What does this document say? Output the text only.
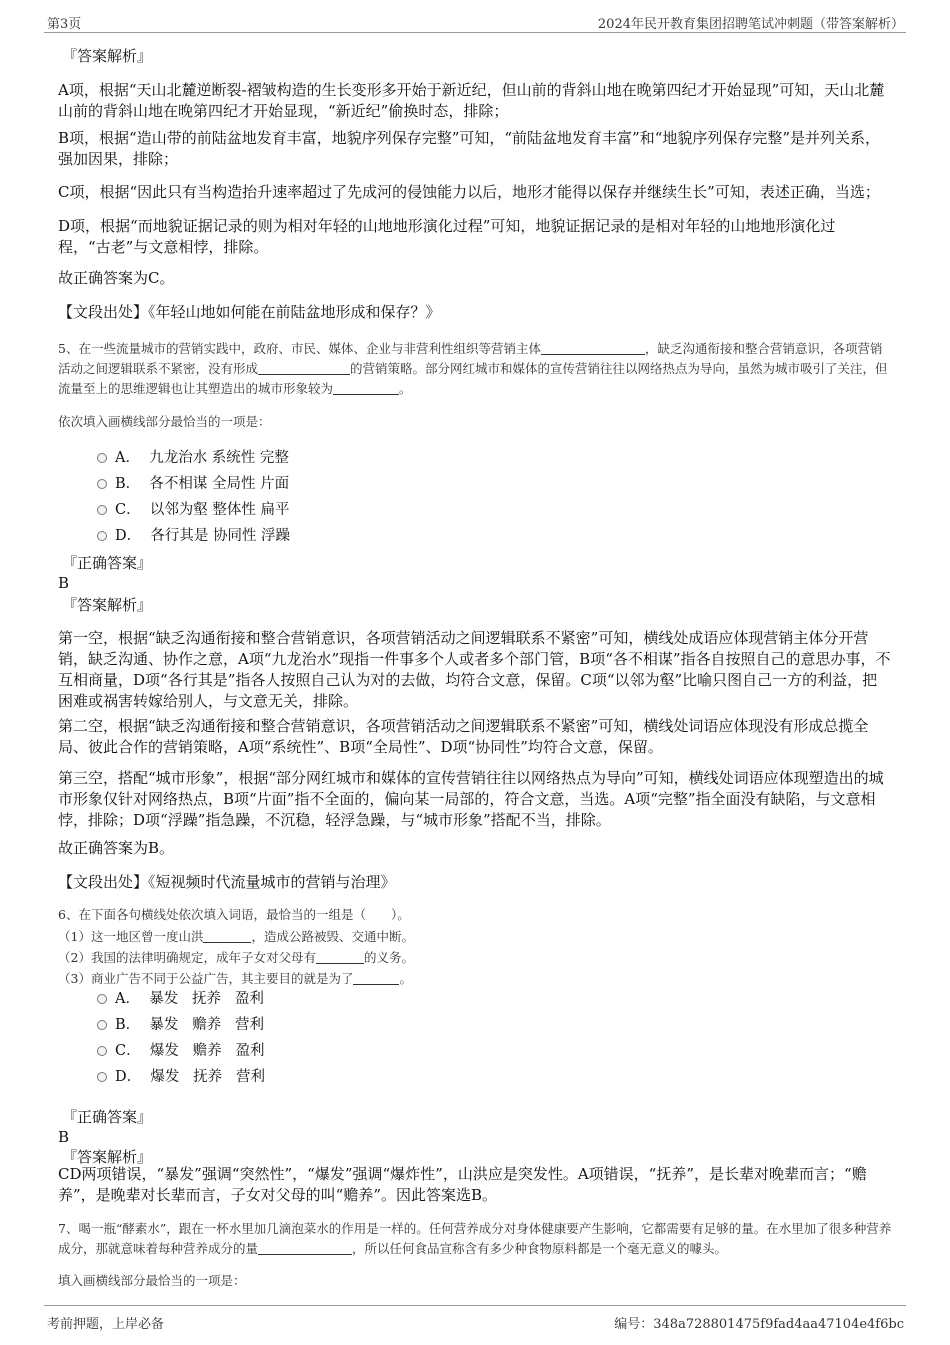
第3页	2024年民开教育集团招聘笔试冲刺题（带答案解析）

『答案解析』

A项，根据“天山北麓逆断裂-褶皱构造的生长变形多开始于新近纪，但山前的背斜山地在晚第四纪才开始显现”可知，天山北麓山前的背斜山地在晚第四纪才开始显现，“新近纪”偷换时态，排除；

B项，根据“造山带的前陆盆地发育丰富，地貌序列保存完整”可知，“前陆盆地发育丰富”和“地貌序列保存完整”是并列关系，强加因果，排除；

C项，根据“因此只有当构造抬升速率超过了先成河的侵蚀能力以后，地形才能得以保存并继续生长”可知，表述正确，当选；

D项，根据“而地貌证据记录的则为相对年轻的山地地形演化过程”可知，地貌证据记录的是相对年轻的山地地形演化过程，“古老”与文意相悖，排除。

故正确答案为C。

【文段出处】《年轻山地如何能在前陆盆地形成和保存？》

5、在一些流量城市的营销实践中，政府、市民、媒体、企业与非营利性组织等营销主体	，缺乏沟通衔接和整合营销意识，各项营销活动之间逻辑联系不紧密，没有形成	的营销策略。部分网红城市和媒体的宣传营销往往以网络热点为导向，虽然为城市吸引了关注，但流量至上的思维逻辑也让其塑造出的城市形象较为	。

依次填入画横线部分最恰当的一项是：

A．  九龙治水 系统性 完整
B．  各不相谋 全局性 片面
C．  以邻为壑 整体性 扁平
D．  各行其是 协同性 浮躁

『正确答案』

B

『答案解析』

第一空，根据“缺乏沟通衔接和整合营销意识，各项营销活动之间逻辑联系不紧密”可知，横线处成语应体现营销主体分开营销，缺乏沟通、协作之意，A项“九龙治水”现指一件事多个人或者多个部门管，B项“各不相谋”指各自按照自己的意思办事，不互相商量，D项“各行其是”指各人按照自己认为对的去做，均符合文意，保留。C项“以邻为壑”比喻只图自己一方的利益，把困难或祸害转嫁给别人，与文意无关，排除。

第二空，根据“缺乏沟通衔接和整合营销意识，各项营销活动之间逻辑联系不紧密”可知，横线处词语应体现没有形成总揽全局、彼此合作的营销策略，A项“系统性”、B项“全局性”、D项“协同性”均符合文意，保留。

第三空，搭配“城市形象”，根据“部分网红城市和媒体的宣传营销往往以网络热点为导向”可知，横线处词语应体现塑造出的城市形象仅针对网络热点，B项“片面”指不全面的，偏向某一局部的，符合文意，当选。A项“完整”指全面没有缺陷，与文意相悖，排除；D项“浮躁”指急躁，不沉稳，轻浮急躁，与“城市形象”搭配不当，排除。

故正确答案为B。

【文段出处】《短视频时代流量城市的营销与治理》

6、在下面各句横线处依次填入词语，最恰当的一组是（　　）。

（1）这一地区曾一度山洪	，造成公路被毁、交通中断。

（2）我国的法律明确规定，成年子女对父母有	的义务。

（3）商业广告不同于公益广告，其主要目的就是为了	。

A．  暴发   抚养   盈利
B．  暴发   赡养   营利
C．  爆发   赡养   盈利
D．  爆发   抚养   营利

『正确答案』

B

『答案解析』

CD两项错误，“暴发”强调“突然性”，“爆发”强调“爆炸性”，山洪应是突发性。A项错误，“抚养”，是长辈对晚辈而言；“赡养”，是晚辈对长辈而言，子女对父母的叫“赡养”。因此答案选B。

7、喝一瓶“酵素水”，跟在一杯水里加几滴泡菜水的作用是一样的。任何营养成分对身体健康要产生影响，它都需要有足够的量。在水里加了很多种营养成分，那就意味着每种营养成分的量	，所以任何食品宣称含有多少种食物原料都是一个毫无意义的噱头。

填入画横线部分最恰当的一项是：

考前押题，上岸必备	编号：348a728801475f9fad4aa47104e4f6bc
